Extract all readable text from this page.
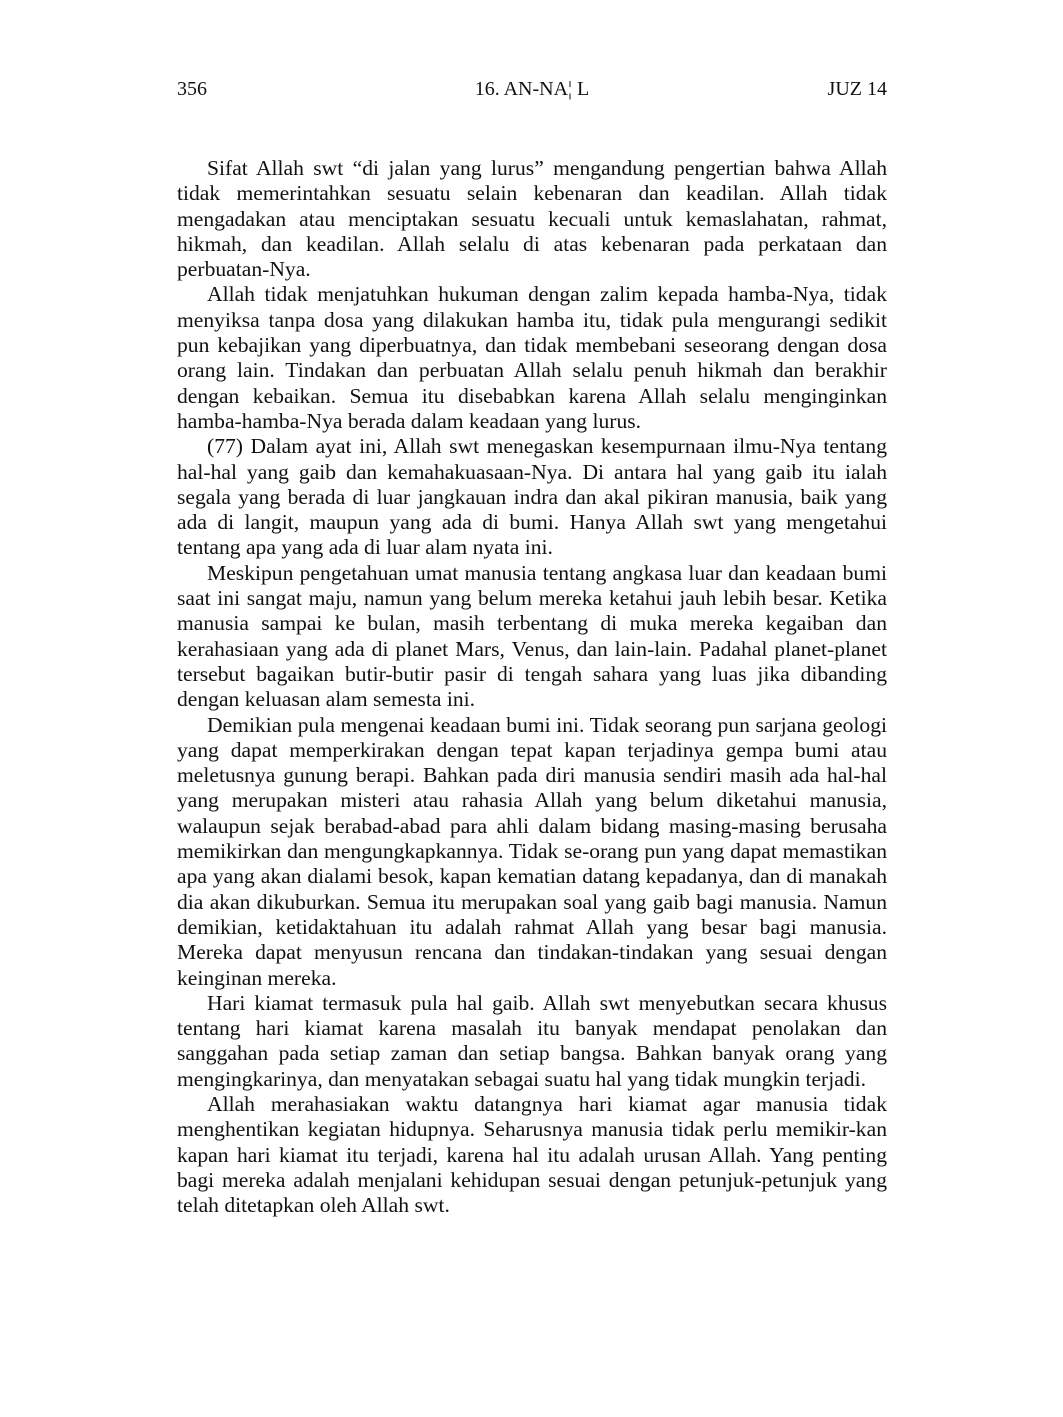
356	16. AN-NA¦ L	JUZ 14

Sifat Allah swt “di jalan yang lurus” mengandung pengertian bahwa Allah tidak memerintahkan sesuatu selain kebenaran dan keadilan. Allah tidak mengadakan atau menciptakan sesuatu kecuali untuk kemaslahatan, rahmat, hikmah, dan keadilan. Allah selalu di atas kebenaran pada perkataan dan perbuatan-Nya.

Allah tidak menjatuhkan hukuman dengan zalim kepada hamba-Nya, tidak menyiksa tanpa dosa yang dilakukan hamba itu, tidak pula mengurangi sedikit pun kebajikan yang diperbuatnya, dan tidak membebani seseorang dengan dosa orang lain. Tindakan dan perbuatan Allah selalu penuh hikmah dan berakhir dengan kebaikan. Semua itu disebabkan karena Allah selalu menginginkan hamba-hamba-Nya berada dalam keadaan yang lurus.

(77) Dalam ayat ini, Allah swt menegaskan kesempurnaan ilmu-Nya tentang hal-hal yang gaib dan kemahakuasaan-Nya. Di antara hal yang gaib itu ialah segala yang berada di luar jangkauan indra dan akal pikiran manusia, baik yang ada di langit, maupun yang ada di bumi. Hanya Allah swt yang mengetahui tentang apa yang ada di luar alam nyata ini.

Meskipun pengetahuan umat manusia tentang angkasa luar dan keadaan bumi saat ini sangat maju, namun yang belum mereka ketahui jauh lebih besar. Ketika manusia sampai ke bulan, masih terbentang di muka mereka kegaiban dan kerahasiaan yang ada di planet Mars, Venus, dan lain-lain. Padahal planet-planet tersebut bagaikan butir-butir pasir di tengah sahara yang luas jika dibanding dengan keluasan alam semesta ini.

Demikian pula mengenai keadaan bumi ini. Tidak seorang pun sarjana geologi yang dapat memperkirakan dengan tepat kapan terjadinya gempa bumi atau meletusnya gunung berapi. Bahkan pada diri manusia sendiri masih ada hal-hal yang merupakan misteri atau rahasia Allah yang belum diketahui manusia, walaupun sejak berabad-abad para ahli dalam bidang masing-masing berusaha memikirkan dan mengungkapkannya. Tidak se-orang pun yang dapat memastikan apa yang akan dialami besok, kapan kematian datang kepadanya, dan di manakah dia akan dikuburkan. Semua itu merupakan soal yang gaib bagi manusia. Namun demikian, ketidaktahuan itu adalah rahmat Allah yang besar bagi manusia. Mereka dapat menyusun rencana dan tindakan-tindakan yang sesuai dengan keinginan mereka.

Hari kiamat termasuk pula hal gaib. Allah swt menyebutkan secara khusus tentang hari kiamat karena masalah itu banyak mendapat penolakan dan sanggahan pada setiap zaman dan setiap bangsa. Bahkan banyak orang yang mengingkarinya, dan menyatakan sebagai suatu hal yang tidak mungkin terjadi.

Allah merahasiakan waktu datangnya hari kiamat agar manusia tidak menghentikan kegiatan hidupnya. Seharusnya manusia tidak perlu memikir-kan kapan hari kiamat itu terjadi, karena hal itu adalah urusan Allah. Yang penting bagi mereka adalah menjalani kehidupan sesuai dengan petunjuk-petunjuk yang telah ditetapkan oleh Allah swt.
